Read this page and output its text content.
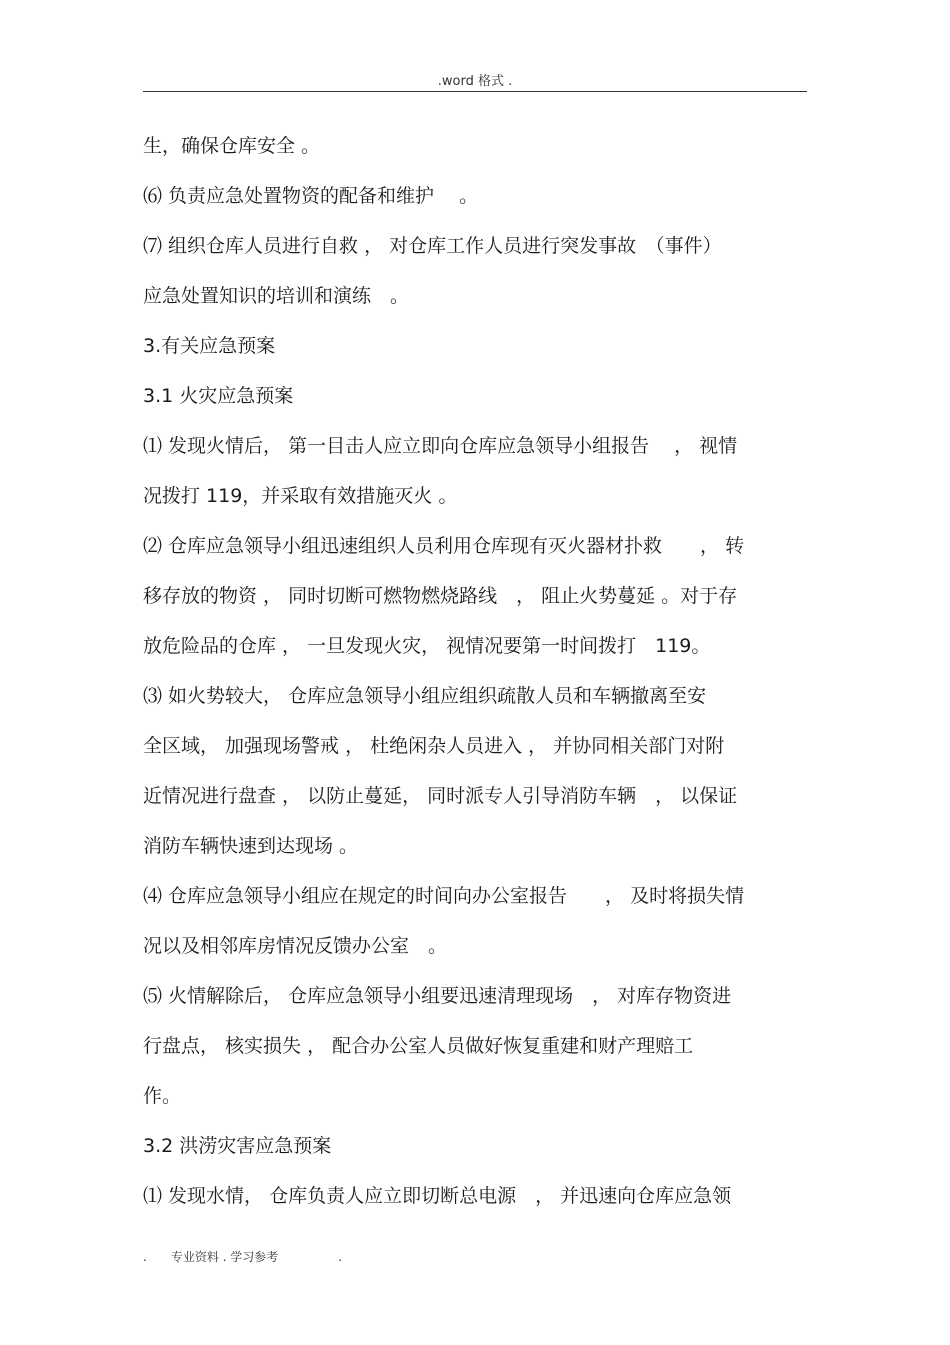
.word 格式 .
生，确保仓库安全 。
⑹ 负责应急处置物资的配备和维护　 。
⑺ 组织仓库人员进行自救 ， 对仓库工作人员进行突发事故　（事件）
应急处置知识的培训和演练　。
3.有关应急预案
3.1 火灾应急预案
⑴ 发现火情后， 第一目击人应立即向仓库应急领导小组报告　 ， 视情
况拨打 119，并采取有效措施灭火 。
⑵ 仓库应急领导小组迅速组织人员利用仓库现有灭火器材扑救　　， 转
移存放的物资 ， 同时切断可燃物燃烧路线　， 阻止火势蔓延 。对于存
放危险品的仓库 ， 一旦发现火灾， 视情况要第一时间拨打　119。
⑶ 如火势较大， 仓库应急领导小组应组织疏散人员和车辆撤离至安
全区域， 加强现场警戒 ， 杜绝闲杂人员进入 ， 并协同相关部门对附
近情况进行盘查 ， 以防止蔓延， 同时派专人引导消防车辆　， 以保证
消防车辆快速到达现场 。
⑷ 仓库应急领导小组应在规定的时间向办公室报告　　， 及时将损失情
况以及相邻库房情况反馈办公室　。
⑸ 火情解除后， 仓库应急领导小组要迅速清理现场　， 对库存物资进
行盘点， 核实损失 ， 配合办公室人员做好恢复重建和财产理赔工
作。
3.2 洪涝灾害应急预案
⑴ 发现水情， 仓库负责人应立即切断总电源　， 并迅速向仓库应急领
.　　专业资料 . 学习参考　　　　　.
